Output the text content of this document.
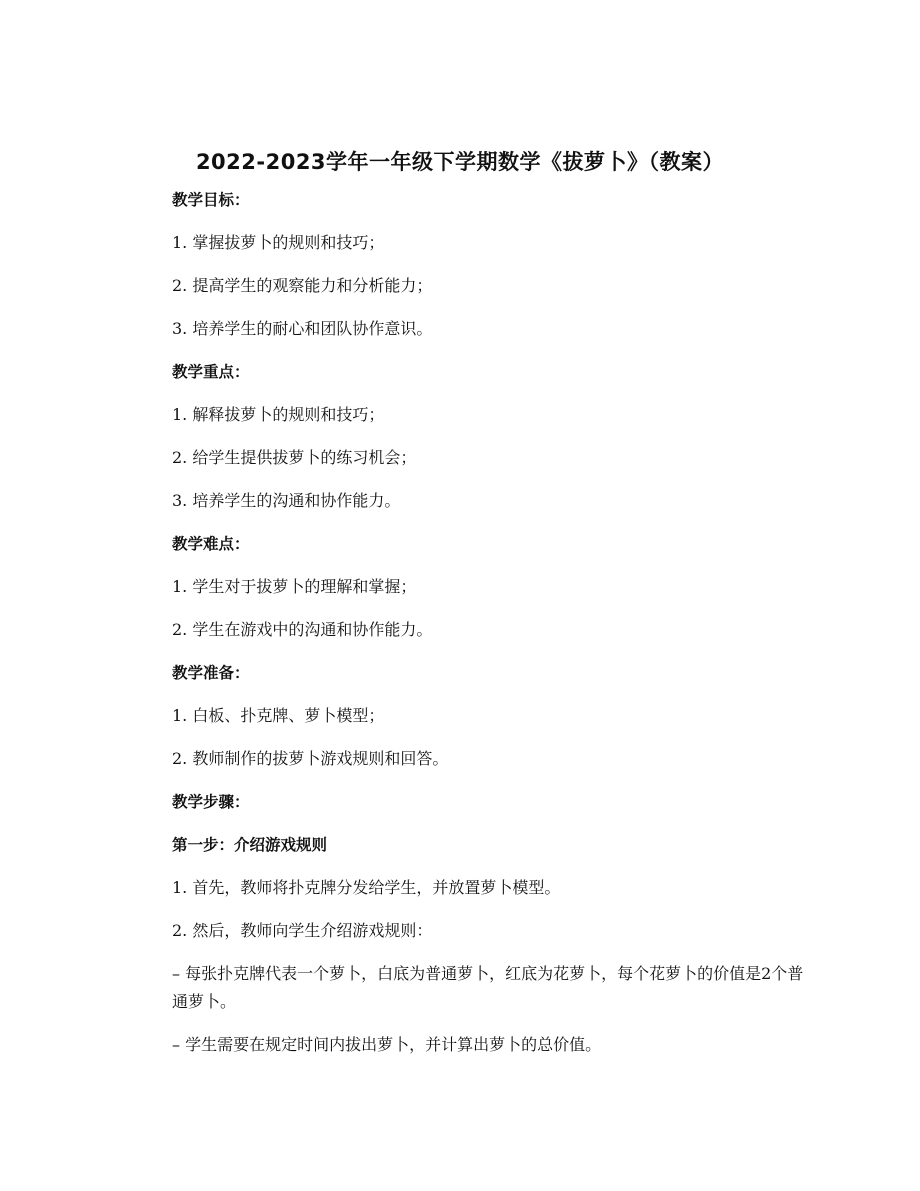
2022-2023学年一年级下学期数学《拔萝卜》（教案）
教学目标：
1. 掌握拔萝卜的规则和技巧；
2. 提高学生的观察能力和分析能力；
3. 培养学生的耐心和团队协作意识。
教学重点：
1. 解释拔萝卜的规则和技巧；
2. 给学生提供拔萝卜的练习机会；
3. 培养学生的沟通和协作能力。
教学难点：
1. 学生对于拔萝卜的理解和掌握；
2. 学生在游戏中的沟通和协作能力。
教学准备：
1. 白板、扑克牌、萝卜模型；
2. 教师制作的拔萝卜游戏规则和回答。
教学步骤：
第一步：介绍游戏规则
1. 首先，教师将扑克牌分发给学生，并放置萝卜模型。
2. 然后，教师向学生介绍游戏规则：
– 每张扑克牌代表一个萝卜，白底为普通萝卜，红底为花萝卜，每个花萝卜的价值是2个普通萝卜。
– 学生需要在规定时间内拔出萝卜，并计算出萝卜的总价值。
